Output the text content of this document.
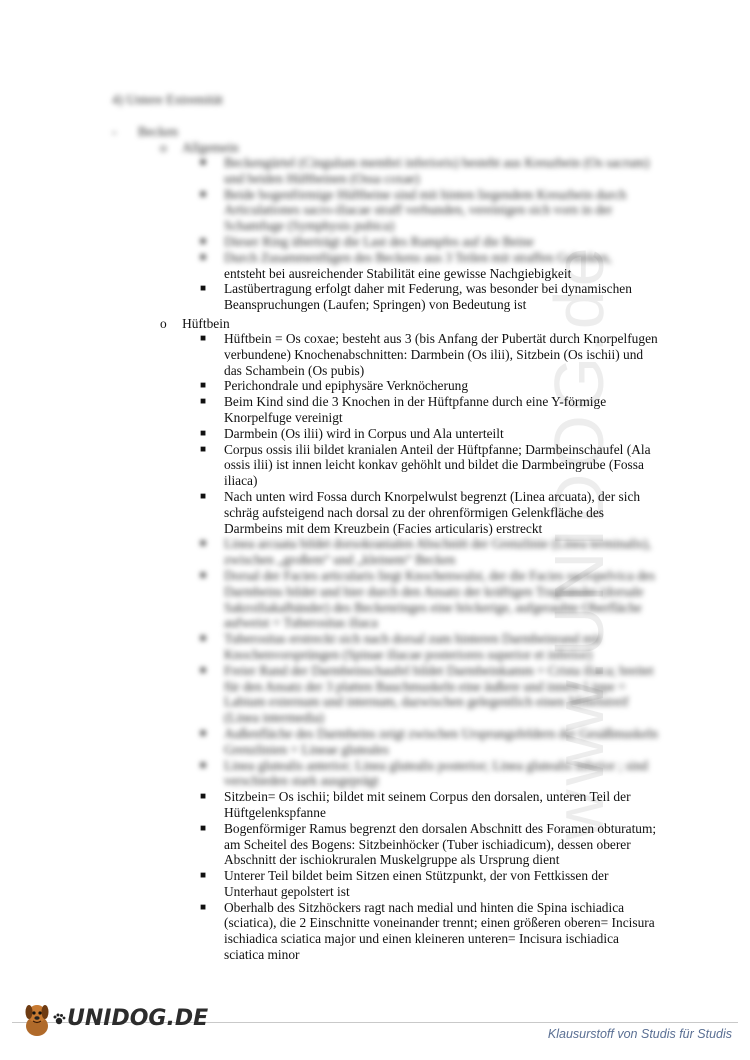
www.UNIDOG.de
4) Untere Extremität
- Becken
o Allgemein
■ Beckengürtel (Cingulum membri inferioris) besteht aus Kreuzbein (Os sacrum) und beiden Hüftbeinen (Ossa coxae)
■ Beide bogenförmige Hüftbeine sind mit hinten liegendem Kreuzbein durch Articulationes sacro-iliacae straff verbunden, vereinigen sich vorn in der Schamfuge (Symphysis pubica)
■ Dieser Ring überträgt die Last des Rumpfes auf die Beine
■ Durch Zusammenfügen des Beckens aus 3 Teilen mit straffen Gelenken,
entsteht bei ausreichender Stabilität eine gewisse Nachgiebigkeit
■ Lastübertragung erfolgt daher mit Federung, was besonder bei dynamischen Beanspruchungen (Laufen; Springen) von Bedeutung ist
o Hüftbein
■ Hüftbein = Os coxae; besteht aus 3 (bis Anfang der Pubertät durch Knorpelfugen verbundene) Knochenabschnitten: Darmbein (Os ilii), Sitzbein (Os ischii) und das Schambein (Os pubis)
■ Perichondrale und epiphysäre Verknöcherung
■ Beim Kind sind die 3 Knochen in der Hüftpfanne durch eine Y-förmige Knorpelfuge vereinigt
■ Darmbein (Os ilii) wird in Corpus und Ala unterteilt
■ Corpus ossis ilii bildet kranialen Anteil der Hüftpfanne; Darmbeinschaufel (Ala ossis ilii) ist innen leicht konkav gehöhlt und bildet die Darmbeingrube (Fossa iliaca)
■ Nach unten wird Fossa durch Knorpelwulst begrenzt (Linea arcuata), der sich schräg aufsteigend nach dorsal zu der ohrenförmigen Gelenkfläche des Darmbeins mit dem Kreuzbein (Facies articularis) erstreckt
■ Linea arcuata bildet dorsokranialen Abschnitt der Grenzlinie (Linea terminalis), zwischen „großem“ und „kleinem“ Becken
■ Dorsal der Facies articularis liegt Knochenwulst, der die Facies sacropelvica des Darmbeins bildet und hier durch den Ansatz der kräftigen Tragbänder (dorsale Sakroiliakalbänder) des Beckenringes eine höckerige, aufgerauhte Oberfläche aufweist = Tuberositas iliaca
■ Tuberositas erstreckt sich nach dorsal zum hinteren Darmbeinrand mit Knochenvorsprüngen (Spinae iliacae posteriores superior et inferior)
■ Freier Rand der Darmbeinschaufel bildet Darmbeinkamm = Crista iliaca; breitet für den Ansatz der 3 platten Bauchmuskeln eine äußere und innere Lippe = Labium externum und internum, dazwischen gelegentlich einen Mittelstreif (Linea intermedia)
■ Außenfläche des Darmbeins zeigt zwischen Ursprungsfeldern der Gesäßmuskeln Grenzlinien = Lineae gluteales
■ Linea glutealis anterior; Linea glutealis posterior; Linea glutealis inferior ; sind verschieden stark ausgeprägt
■ Sitzbein= Os ischii; bildet mit seinem Corpus den dorsalen, unteren Teil der Hüftgelenkspfanne
■ Bogenförmiger Ramus begrenzt den dorsalen Abschnitt des Foramen obturatum; am Scheitel des Bogens: Sitzbeinhöcker (Tuber ischiadicum), dessen oberer Abschnitt der ischiokruralen Muskelgruppe als Ursprung dient
■ Unterer Teil bildet beim Sitzen einen Stützpunkt, der von Fettkissen der Unterhaut gepolstert ist
■ Oberhalb des Sitzhöckers ragt nach medial und hinten die Spina ischiadica (sciatica), die 2 Einschnitte voneinander trennt; einen größeren oberen= Incisura ischiadica sciatica major und einen kleineren unteren= Incisura ischiadica sciatica minor
UNIDOG.DE
Klausurstoff von Studis für Studis
